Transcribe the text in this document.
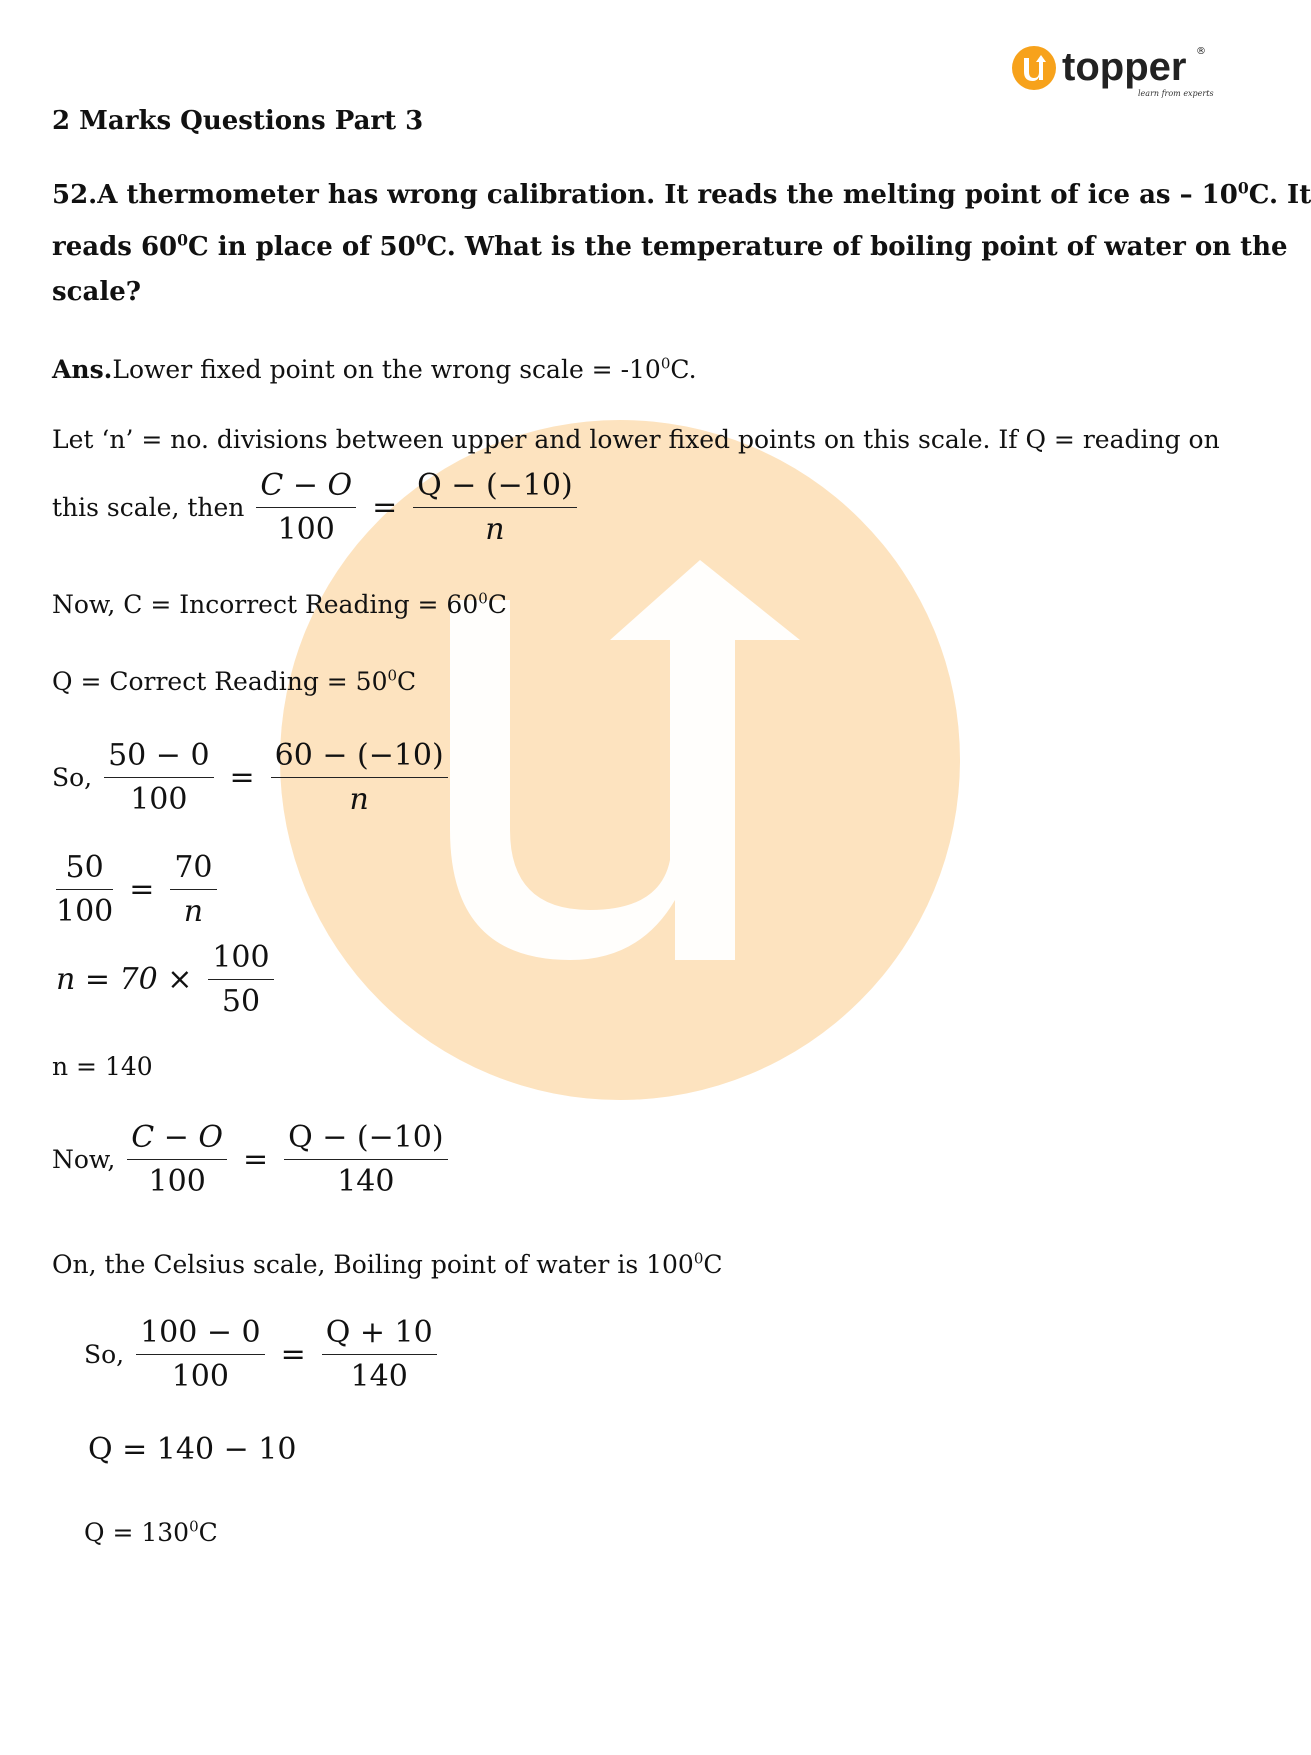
topper ®
learn from experts
2 Marks Questions Part 3
52.A thermometer has wrong calibration. It reads the melting point of ice as – $10^0C$. It
reads $60^0C$ in place of $50^0C$. What is the temperature of boiling point of water on the
scale?
Ans.Lower fixed point on the wrong scale = $-10^0C$.
Let ‘n’ = no. divisions between upper and lower fixed points on this scale. If Q = reading on
this scale, then $\frac{C - O}{100} = \frac{Q - (-10)}{n}$
Now, C = Incorrect Reading = $60^0C$
Q = Correct Reading = $50^0C$
So, $\frac{50 - 0}{100} = \frac{60 - (-10)}{n}$
$\frac{50}{100} = \frac{70}{n}$
$n = 70 \times \frac{100}{50}$
n = 140
Now, $\frac{C - O}{100} = \frac{Q - (-10)}{140}$
On, the Celsius scale, Boiling point of water is $100^0C$
So, $\frac{100 - 0}{100} = \frac{Q + 10}{140}$
Q = 140 − 10
$Q = 130^0C$
